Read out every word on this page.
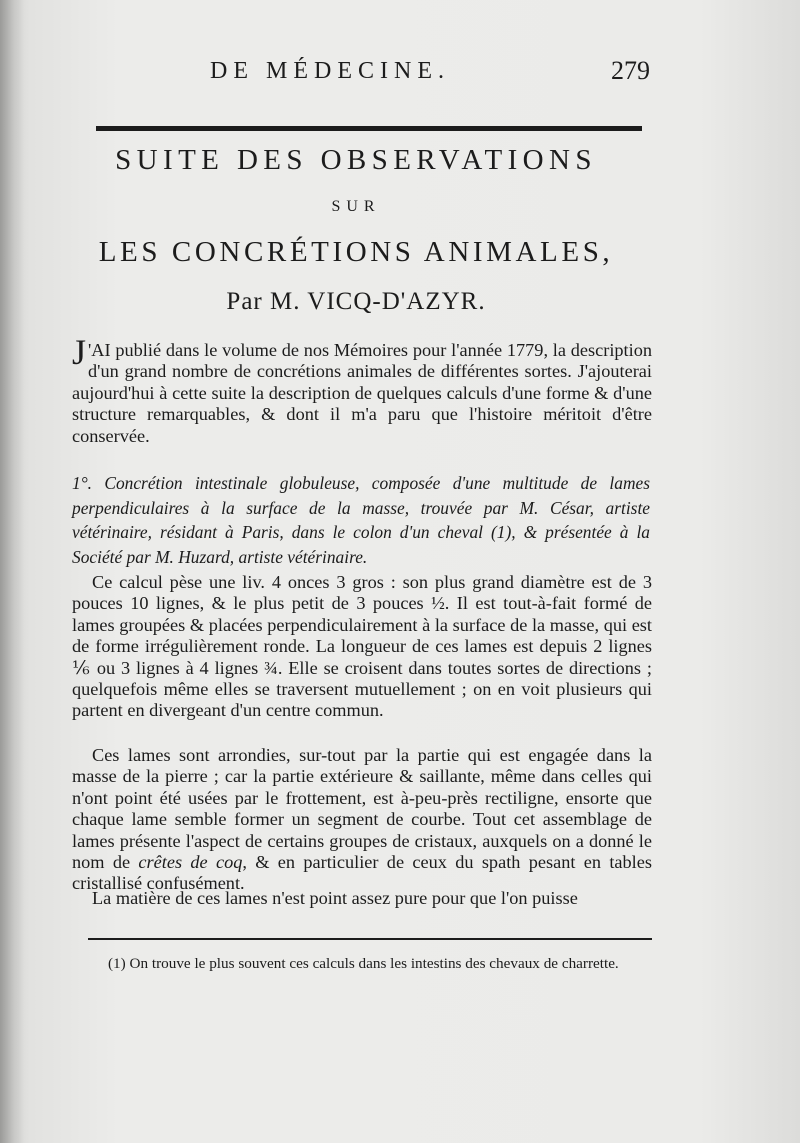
DE MÉDECINE.	279
SUITE DES OBSERVATIONS
SUR
LES CONCRÉTIONS ANIMALES,
Par M. VICQ-D'AZYR.

J 'AI publié dans le volume de nos Mémoires pour l'année 1779, la description d'un grand nombre de concrétions animales de différentes sortes. J'ajouterai aujourd'hui à cette suite la description de quelques calculs d'une forme & d'une structure remarquables, & dont il m'a paru que l'histoire méritoit d'être conservée.

1°. Concrétion intestinale globuleuse, composée d'une multitude de lames perpendiculaires à la surface de la masse, trouvée par M. César, artiste vétérinaire, résidant à Paris, dans le colon d'un cheval (1), & présentée à la Société par M. Huzard, artiste vétérinaire.

Ce calcul pèse une liv. 4 onces 3 gros : son plus grand diamètre est de 3 pouces 10 lignes, & le plus petit de 3 pouces ½. Il est tout-à-fait formé de lames groupées & placées perpendiculairement à la surface de la masse, qui est de forme irrégulièrement ronde. La longueur de ces lames est depuis 2 lignes ⅙ ou 3 lignes à 4 lignes ¾. Elle se croisent dans toutes sortes de directions ; quelquefois même elles se traversent mutuellement ; on en voit plusieurs qui partent en divergeant d'un centre commun.

Ces lames sont arrondies, sur-tout par la partie qui est engagée dans la masse de la pierre ; car la partie extérieure & saillante, même dans celles qui n'ont point été usées par le frottement, est à-peu-près rectiligne, ensorte que chaque lame semble former un segment de courbe. Tout cet assemblage de lames présente l'aspect de certains groupes de cristaux, auxquels on a donné le nom de crêtes de coq, & en particulier de ceux du spath pesant en tables cristallisé confusément.

La matière de ces lames n'est point assez pure pour que l'on puisse

(1) On trouve le plus souvent ces calculs dans les intestins des chevaux de charrette.
